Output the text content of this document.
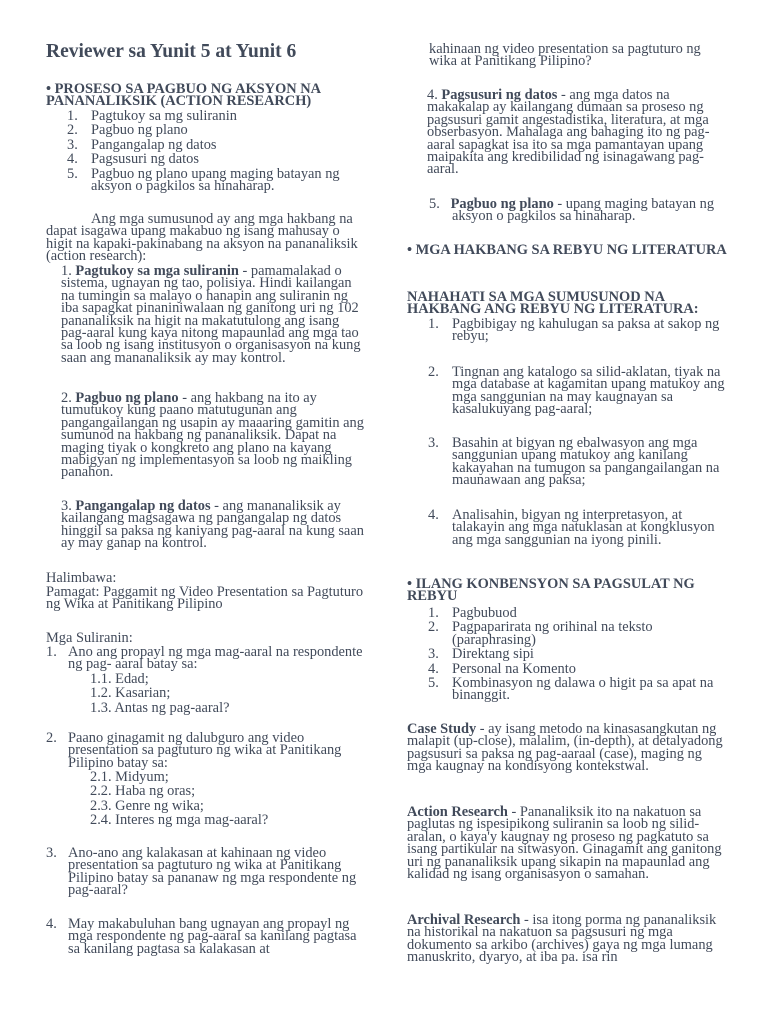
Reviewer sa Yunit 5 at Yunit 6

• PROSESO SA PAGBUO NG AKSYON NA PANANALIKSIK (ACTION RESEARCH)

1. Pagtukoy sa mg suliranin
2. Pagbuo ng plano
3. Pangangalap ng datos
4. Pagsusuri ng datos
5. Pagbuo ng plano upang maging batayan ng aksyon o pagkilos sa hinaharap.

Ang mga sumusunod ay ang mga hakbang na dapat isagawa upang makabuo ng isang mahusay o higit na kapaki-pakinabang na aksyon na pananaliksik (action research):

1. Pagtukoy sa mga suliranin - pamamalakad o sistema, ugnayan ng tao, polisiya. Hindi kailangan na tumingin sa malayo o hanapin ang suliranin ng iba sapagkat pinaniniwalaan ng ganitong uri ng 102 pananaliksik na higit na makatutulong ang isang pag-aaral kung kaya nitong mapaunlad ang mga tao sa loob ng isang institusyon o organisasyon na kung saan ang mananaliksik ay may kontrol.

2. Pagbuo ng plano - ang hakbang na ito ay tumutukoy kung paano matutugunan ang pangangailangan ng usapin ay maaaring gamitin ang sumunod na hakbang ng pananaliksik. Dapat na maging tiyak o kongkreto ang plano na kayang mabigyan ng implementasyon sa loob ng maikling panahon.

3. Pangangalap ng datos - ang mananaliksik ay kailangang magsagawa ng pangangalap ng datos hinggil sa paksa ng kaniyang pag-aaral na kung saan ay may ganap na kontrol.

Halimbawa:

Pamagat: Paggamit ng Video Presentation sa Pagtuturo ng Wika at Panitikang Pilipino

Mga Suliranin:

1. Ano ang propayl ng mga mag-aaral na respondente ng pag- aaral batay sa:
1.1. Edad;
1.2. Kasarian;
1.3. Antas ng pag-aaral?
2. Paano ginagamit ng dalubguro ang video presentation sa pagtuturo ng wika at Panitikang Pilipino batay sa:
2.1. Midyum;
2.2. Haba ng oras;
2.3. Genre ng wika;
2.4. Interes ng mga mag-aaral?
3. Ano-ano ang kalakasan at kahinaan ng video presentation sa pagtuturo ng wika at Panitikang Pilipino batay sa pananaw ng mga respondente ng pag-aaral?
4. May makabuluhan bang ugnayan ang propayl ng mga respondente ng pag-aaral sa kanilang pagtasa sa kanilang pagtasa sa kalakasan at

kahinaan ng video presentation sa pagtuturo ng wika at Panitikang Pilipino?

4. Pagsusuri ng datos - ang mga datos na makakalap ay kailangang dumaan sa proseso ng pagsusuri gamit angestadistika, literatura, at mga obserbasyon. Mahalaga ang bahaging ito ng pag-aaral sapagkat isa ito sa mga pamantayan upang maipakita ang kredibilidad ng isinagawang pag-aaral.

5. Pagbuo ng plano - upang maging batayan ng aksyon o pagkilos sa hinaharap.

• MGA HAKBANG SA REBYU NG LITERATURA

NAHAHATI SA MGA SUMUSUNOD NA HAKBANG ANG REBYU NG LITERATURA:

1. Pagbibigay ng kahulugan sa paksa at sakop ng rebyu;
2. Tingnan ang katalogo sa silid-aklatan, tiyak na mga database at kagamitan upang matukoy ang mga sanggunian na may kaugnayan sa kasalukuyang pag-aaral;
3. Basahin at bigyan ng ebalwasyon ang mga sanggunian upang matukoy ang kanilang kakayahan na tumugon sa pangangailangan na maunawaan ang paksa;
4. Analisahin, bigyan ng interpretasyon, at talakayin ang mga natuklasan at kongklusyon ang mga sanggunian na iyong pinili.

• ILANG KONBENSYON SA PAGSULAT NG REBYU

1. Pagbubuod
2. Pagpaparirata ng orihinal na teksto (paraphrasing)
3. Direktang sipi
4. Personal na Komento
5. Kombinasyon ng dalawa o higit pa sa apat na binanggit.

Case Study - ay isang metodo na kinasasangkutan ng malapit (up-close), malalim, (in-depth), at detalyadong pagsusuri sa paksa ng pag-aaraal (case), maging ng mga kaugnay na kondisyong kontekstwal.

Action Research - Pananaliksik ito na nakatuon sa paglutas ng ispesipikong suliranin sa loob ng silid-aralan, o kaya'y kaugnay ng proseso ng pagkatuto sa isang partikular na sitwasyon. Ginagamit ang ganitong uri ng pananaliksik upang sikapin na mapaunlad ang kalidad ng isang organisasyon o samahan.

Archival Research - isa itong porma ng pananaliksik na historikal na nakatuon sa pagsusuri ng mga dokumento sa arkibo (archives) gaya ng mga lumang manuskrito, dyaryo, at iba pa. isa rin
